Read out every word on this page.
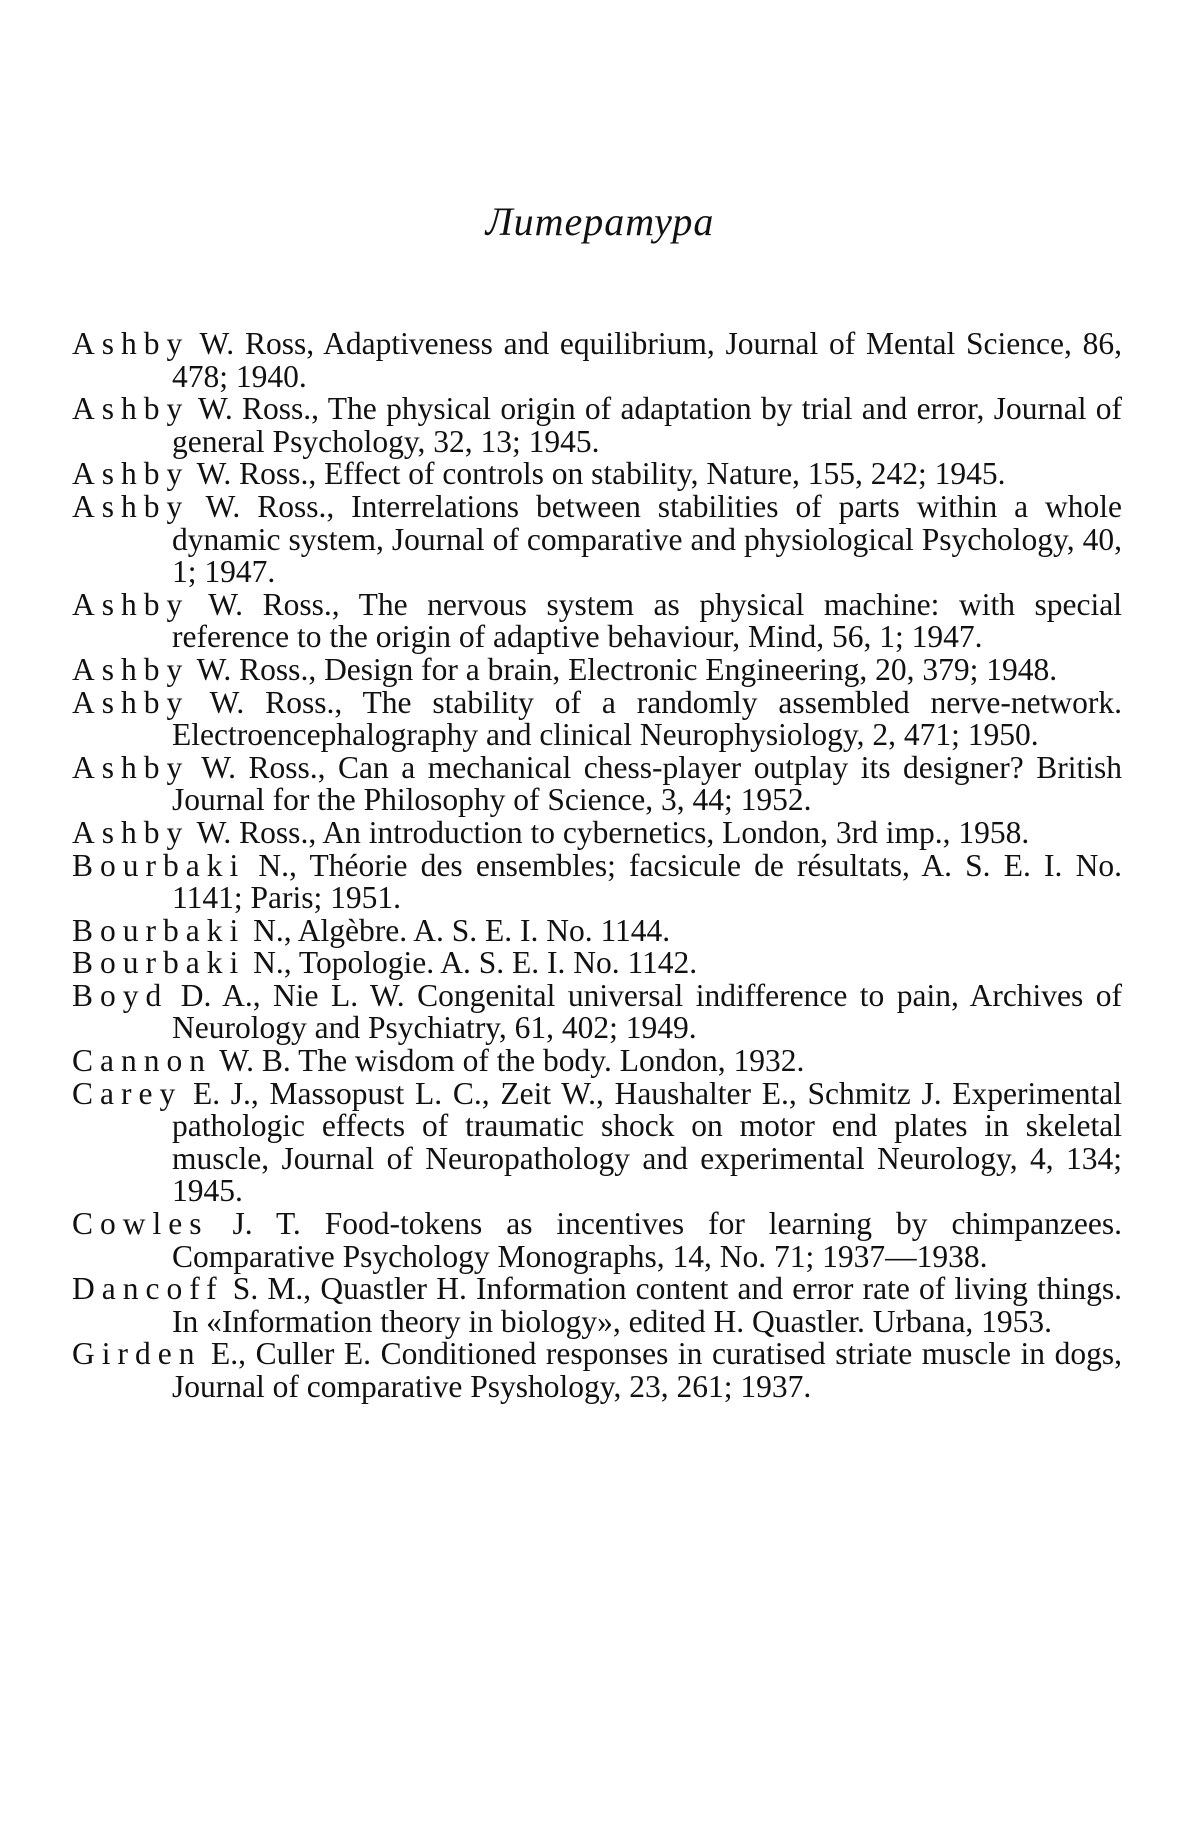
Литература
Ashby W. Ross, Adaptiveness and equilibrium, Journal of Mental Science, 86, 478; 1940.
Ashby W. Ross., The physical origin of adaptation by trial and error, Journal of general Psychology, 32, 13; 1945.
Ashby W. Ross., Effect of controls on stability, Nature, 155, 242; 1945.
Ashby W. Ross., Interrelations between stabilities of parts within a whole dynamic system, Journal of comparative and physiological Psychology, 40, 1; 1947.
Ashby W. Ross., The nervous system as physical machine: with special reference to the origin of adaptive behaviour, Mind, 56, 1; 1947.
Ashby W. Ross., Design for a brain, Electronic Engineering, 20, 379; 1948.
Ashby W. Ross., The stability of a randomly assembled nerve-network. Electroencephalography and clinical Neurophysiology, 2, 471; 1950.
Ashby W. Ross., Can a mechanical chess-player outplay its designer? British Journal for the Philosophy of Science, 3, 44; 1952.
Ashby W. Ross., An introduction to cybernetics, London, 3rd imp., 1958.
Bourbaki N., Théorie des ensembles; facsicule de résultats, A. S. E. I. No. 1141; Paris; 1951.
Bourbaki N., Algèbre. A. S. E. I. No. 1144.
Bourbaki N., Topologie. A. S. E. I. No. 1142.
Boyd D. A., Nie L. W. Congenital universal indifference to pain, Archives of Neurology and Psychiatry, 61, 402; 1949.
Cannon W. B. The wisdom of the body. London, 1932.
Carey E. J., Massopust L. C., Zeit W., Haushalter E., Schmitz J. Experimental pathologic effects of traumatic shock on motor end plates in skeletal muscle, Journal of Neuropathology and experimental Neurology, 4, 134; 1945.
Cowles J. T. Food-tokens as incentives for learning by chimpanzees. Comparative Psychology Monographs, 14, No. 71; 1937—1938.
Dancoff S. M., Quastler H. Information content and error rate of living things. In «Information theory in biology», edited H. Quastler. Urbana, 1953.
Girden E., Culler E. Conditioned responses in curatised striate muscle in dogs, Journal of comparative Psyshology, 23, 261; 1937.
